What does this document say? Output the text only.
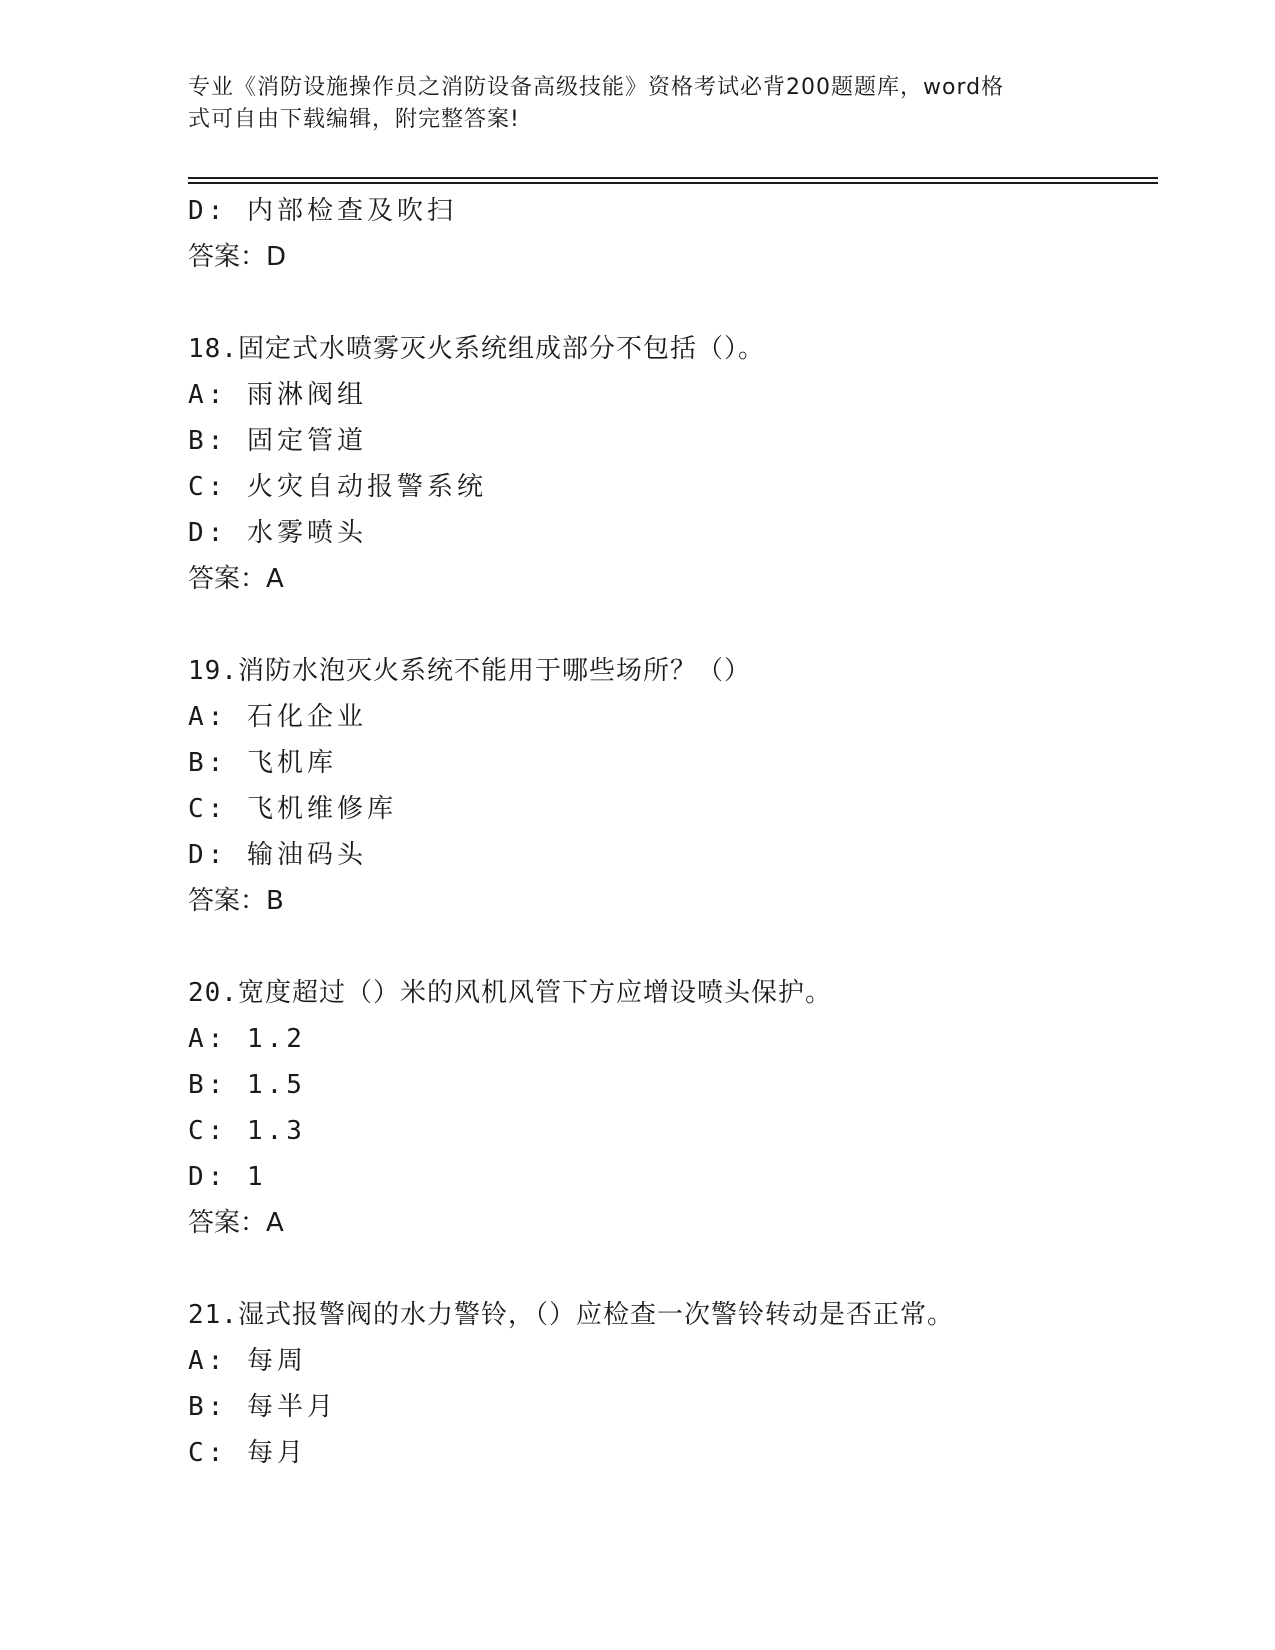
专业《消防设施操作员之消防设备高级技能》资格考试必背200题题库，word格
式可自由下载编辑，附完整答案!
D: 内部检查及吹扫
答案：D
18.固定式水喷雾灭火系统组成部分不包括（）。
A: 雨淋阀组
B: 固定管道
C: 火灾自动报警系统
D: 水雾喷头
答案：A
19.消防水泡灭火系统不能用于哪些场所？（）
A: 石化企业
B: 飞机库
C: 飞机维修库
D: 输油码头
答案：B
20.宽度超过（）米的风机风管下方应增设喷头保护。
A: 1.2
B: 1.5
C: 1.3
D: 1
答案：A
21.湿式报警阀的水力警铃，（）应检查一次警铃转动是否正常。
A: 每周
B: 每半月
C: 每月
